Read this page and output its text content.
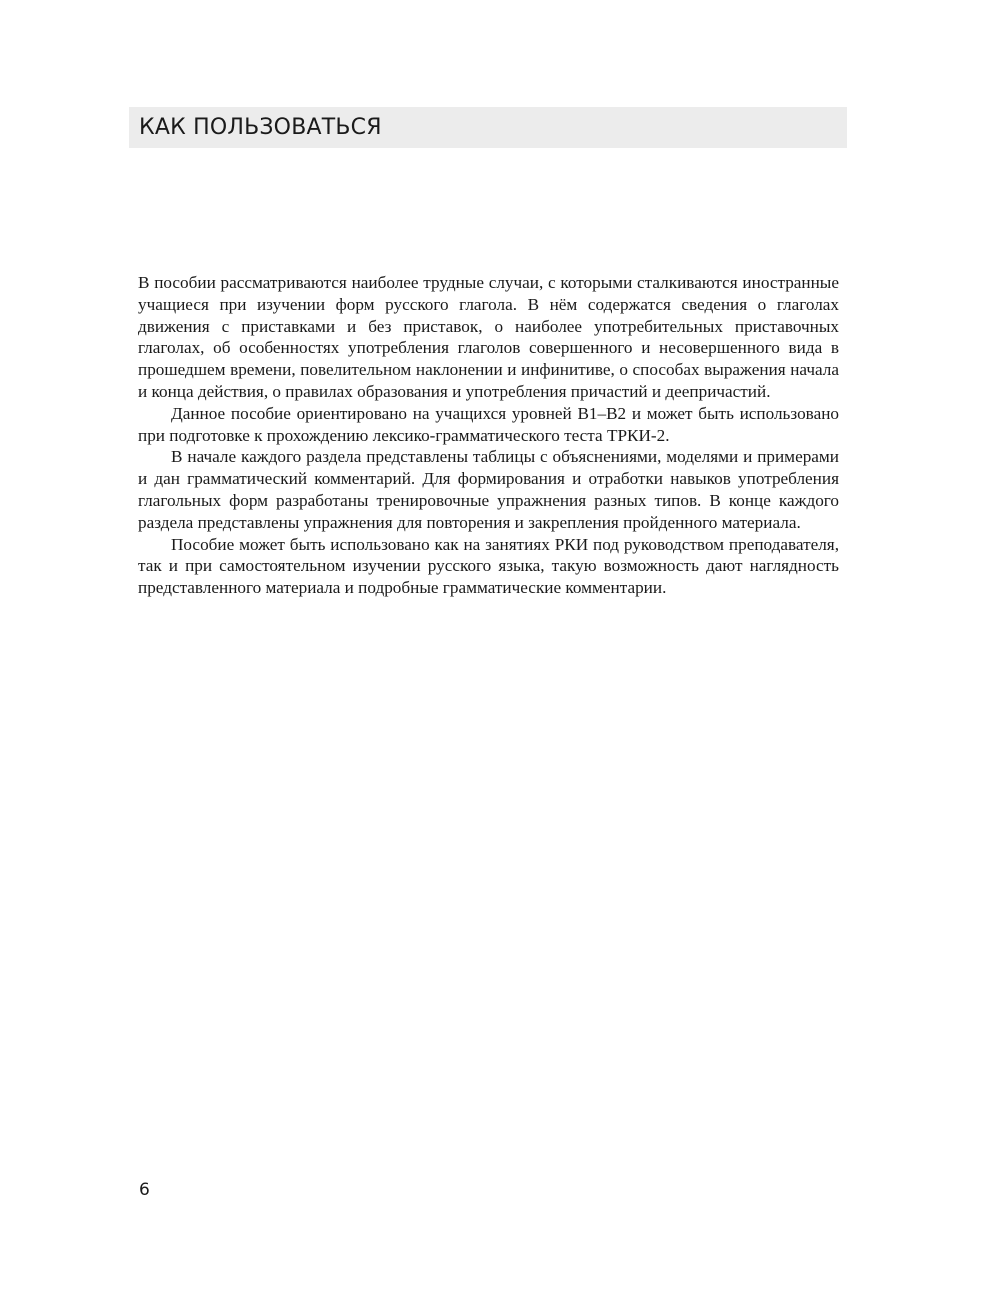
КАК ПОЛЬЗОВАТЬСЯ

В пособии рассматриваются наиболее трудные случаи, с которыми сталкиваются иностранные учащиеся при изучении форм русского глагола. В нём содержатся сведения о глаголах движения с приставками и без приставок, о наиболее употребительных приставочных глаголах, об особенностях употребления глаголов совершенного и несовершенного вида в прошедшем времени, повелительном наклонении и инфинитиве, о способах выражения начала и конца действия, о правилах образования и употребления причастий и деепричастий.

Данное пособие ориентировано на учащихся уровней В1–В2 и может быть использовано при подготовке к прохождению лексико-грамматического теста ТРКИ-2.

В начале каждого раздела представлены таблицы с объяснениями, моделями и примерами и дан грамматический комментарий. Для формирования и отработки навыков употребления глагольных форм разработаны тренировочные упражнения разных типов. В конце каждого раздела представлены упражнения для повторения и закрепления пройденного материала.

Пособие может быть использовано как на занятиях РКИ под руководством преподавателя, так и при самостоятельном изучении русского языка, такую возможность дают наглядность представленного материала и подробные грамматические комментарии.

6
